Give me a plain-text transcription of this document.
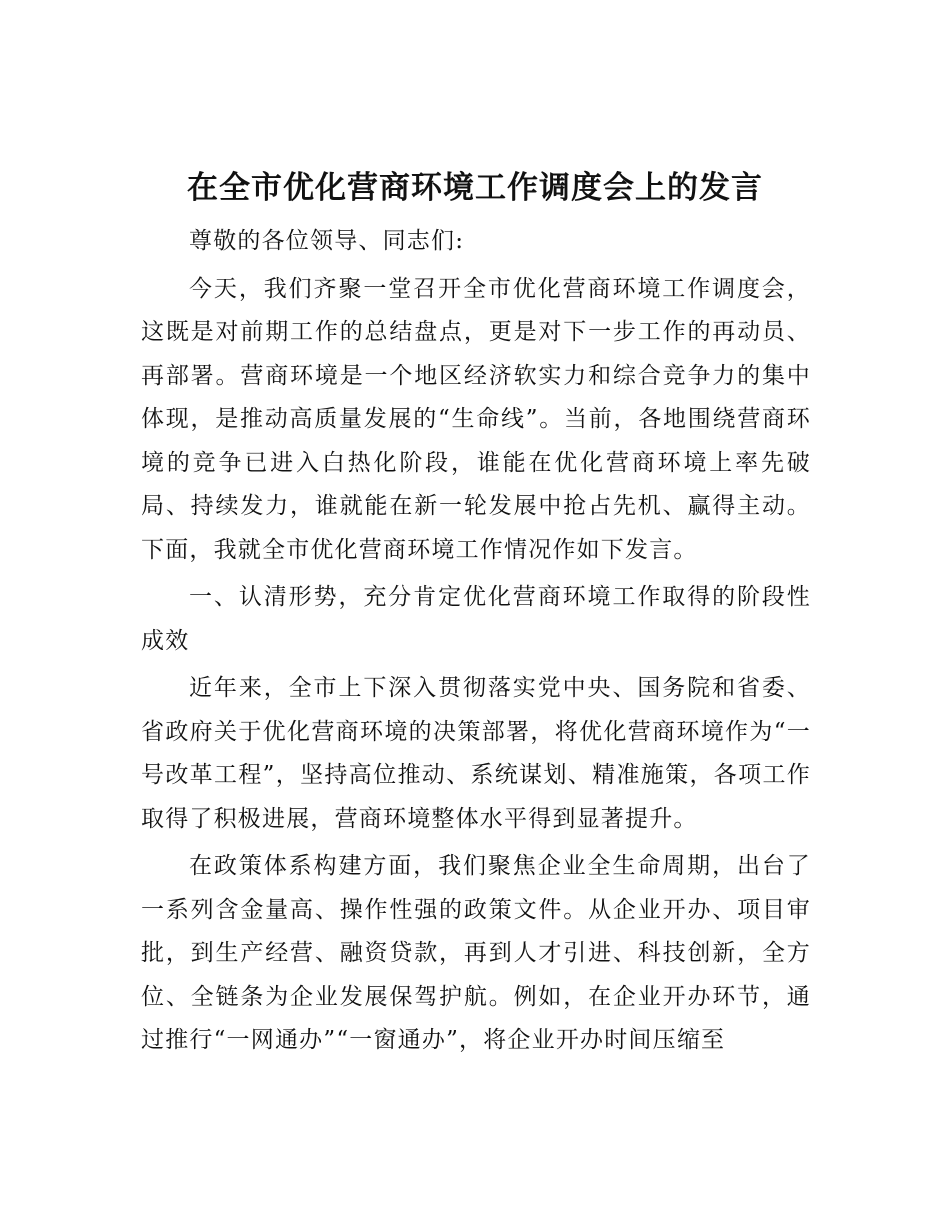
在全市优化营商环境工作调度会上的发言

尊敬的各位领导、同志们:

今天，我们齐聚一堂召开全市优化营商环境工作调度会，这既是对前期工作的总结盘点，更是对下一步工作的再动员、再部署。营商环境是一个地区经济软实力和综合竞争力的集中体现，是推动高质量发展的“生命线”。当前，各地围绕营商环境的竞争已进入白热化阶段，谁能在优化营商环境上率先破局、持续发力，谁就能在新一轮发展中抢占先机、赢得主动。下面，我就全市优化营商环境工作情况作如下发言。

一、认清形势，充分肯定优化营商环境工作取得的阶段性成效

近年来，全市上下深入贯彻落实党中央、国务院和省委、省政府关于优化营商环境的决策部署，将优化营商环境作为“一号改革工程”，坚持高位推动、系统谋划、精准施策，各项工作取得了积极进展，营商环境整体水平得到显著提升。

在政策体系构建方面，我们聚焦企业全生命周期，出台了一系列含金量高、操作性强的政策文件。从企业开办、项目审批，到生产经营、融资贷款，再到人才引进、科技创新，全方位、全链条为企业发展保驾护航。例如，在企业开办环节，通过推行“一网通办”“一窗通办”，将企业开办时间压缩至
